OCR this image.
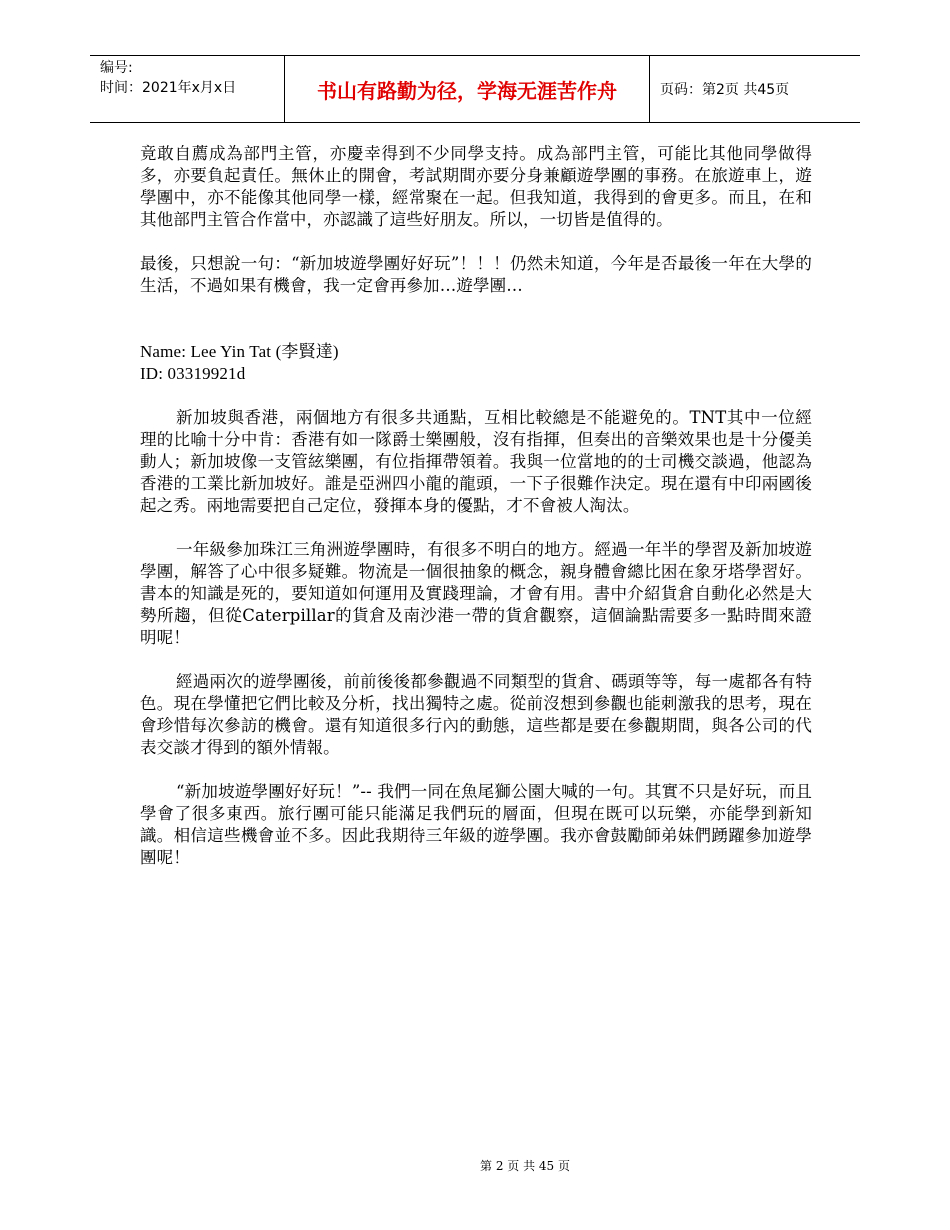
编号:
时间：2021年x月x日	书山有路勤为径，学海无涯苦作舟	页码：第2页 共45页

竟敢自薦成為部門主管，亦慶幸得到不少同學支持。成為部門主管，可能比其他同學做得多，亦要負起責任。無休止的開會，考試期間亦要分身兼顧遊學團的事務。在旅遊車上，遊學團中，亦不能像其他同學一樣，經常聚在一起。但我知道，我得到的會更多。而且，在和其他部門主管合作當中，亦認識了這些好朋友。所以，一切皆是值得的。

最後，只想說一句：“新加坡遊學團好好玩”！！！仍然未知道，今年是否最後一年在大學的生活，不過如果有機會，我一定會再參加…遊學團…

Name: Lee Yin Tat (李賢達)
ID: 03319921d

新加坡與香港，兩個地方有很多共通點，互相比較總是不能避免的。TNT其中一位經理的比喻十分中肯：香港有如一隊爵士樂團般，沒有指揮，但奏出的音樂效果也是十分優美動人；新加坡像一支管絃樂團，有位指揮帶領着。我與一位當地的的士司機交談過，他認為香港的工業比新加坡好。誰是亞洲四小龍的龍頭，一下子很難作決定。現在還有中印兩國後起之秀。兩地需要把自己定位，發揮本身的優點，才不會被人淘汰。

一年級參加珠江三角洲遊學團時，有很多不明白的地方。經過一年半的學習及新加坡遊學團，解答了心中很多疑難。物流是一個很抽象的概念，親身體會總比困在象牙塔學習好。書本的知識是死的，要知道如何運用及實踐理論，才會有用。書中介紹貨倉自動化必然是大勢所趨，但從Caterpillar的貨倉及南沙港一帶的貨倉觀察，這個論點需要多一點時間來證明呢！

經過兩次的遊學團後，前前後後都參觀過不同類型的貨倉、碼頭等等，每一處都各有特色。現在學懂把它們比較及分析，找出獨特之處。從前沒想到參觀也能刺激我的思考，現在會珍惜每次參訪的機會。還有知道很多行內的動態，這些都是要在參觀期間，與各公司的代表交談才得到的額外情報。

“新加坡遊學團好好玩！”-- 我們一同在魚尾獅公園大喊的一句。其實不只是好玩，而且學會了很多東西。旅行團可能只能滿足我們玩的層面，但現在既可以玩樂，亦能學到新知識。相信這些機會並不多。因此我期待三年級的遊學團。我亦會鼓勵師弟妹們踴躍參加遊學團呢！

第 2 页 共 45 页
